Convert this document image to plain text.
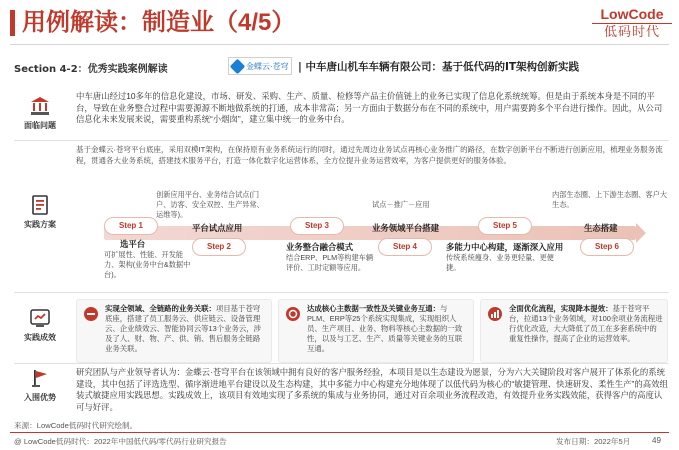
用例解读：制造业（4/5）	LowCode
低码时代
Section 4-2：优秀实践案例解读	金蝶云·苍穹 | 中车唐山机车车辆有限公司：基于低代码的IT架构创新实践
面临问题
中车唐山经过10多年的信息化建设，市场、研发、采购、生产、质量、检修等产品主价值链上的业务已实现了信息化系统统筹。但是由于系统本身是不同的平台，导致在业务整合过程中需要源源不断地做系统的打通，成本非常高；另一方面由于数据分布在不同的系统中，用户需要跨多个平台进行操作。因此，从公司信息化未来发展来说，需要重构系统“小烟囱”，建立集中统一的业务中台。
实践方案
基于金蝶云·苍穹平台底座，采用双模IT架构，在保持原有业务系统运行的同时，通过先周边业务试点再核心业务推广的路径，在数字创新平台不断进行创新应用，梳理业务服务流程，贯通各大业务系统，搭建技术服务平台，打造一体化数字化运营体系，全方位提升业务运营效率，为客户提供更好的服务体验。
可扩展性、性能、开发能力、架构(业务中台&数据中台)。
选平台
Step 1
创新应用平台、业务结合试点(门户、访客、安全双控、生产异常、运维等)。
平台试点应用
Step 2
Step 3
业务整合融合模式
结合ERP、PLM等构建车辆评价、工时定额等应用。
试点－推广－应用
业务领域平台搭建
Step 4
Step 5
多能力中心构建，逐渐深入应用
传统系统瘦身、业务更轻量、更便捷。
内部生态圈、上下游生态圈、客户大生态。
生态搭建
Step 6
实践成效
实现全领域、全链路的业务关联：项目基于苍穹底座，搭建了员工服务云、供应链云、设备管理云、企业绩效云、智能协同云等13个业务云，涉及了人、财、物、产、供、销、售后服务全链路业务关联。
达成核心主数据一致性及关键业务互通：与PLM、ERP等25个系统实现集成，实现组织人员、生产项目、业务、物料等核心主数据的一致性，以及与工艺、生产、质量等关键业务的互联互通。
全面优化流程，实现降本提效：基于苍穹平台，拉通13个业务领域，对100余项业务流程进行优化改造，大大降低了员工在多套系统中的重复性操作，提高了企业的运营效率。
入围优势
研究团队与产业领导者认为：金蝶云·苍穹平台在该领域中拥有良好的客户服务经验，本项目是以生态建设为愿景，分为六大关键阶段对客户展开了体系化的系统建设，其中包括了评选选型、循序渐进地平台建设以及生态构建，其中多能力中心构建充分地体现了以低代码为核心的“敏捷管理、快速研发、柔性生产”的高效组装式敏捷应用实践思想。实践成效上，该项目有效地实现了多系统的集成与业务协同，通过对百余项业务流程改造，有效提升业务实践效能，获得客户的高度认可与好评。
来源：LowCode低码时代研究绘制。
@ LowCode低码时代：2022年中国低代码/零代码行业研究报告	发布日期：2022年5月	49
